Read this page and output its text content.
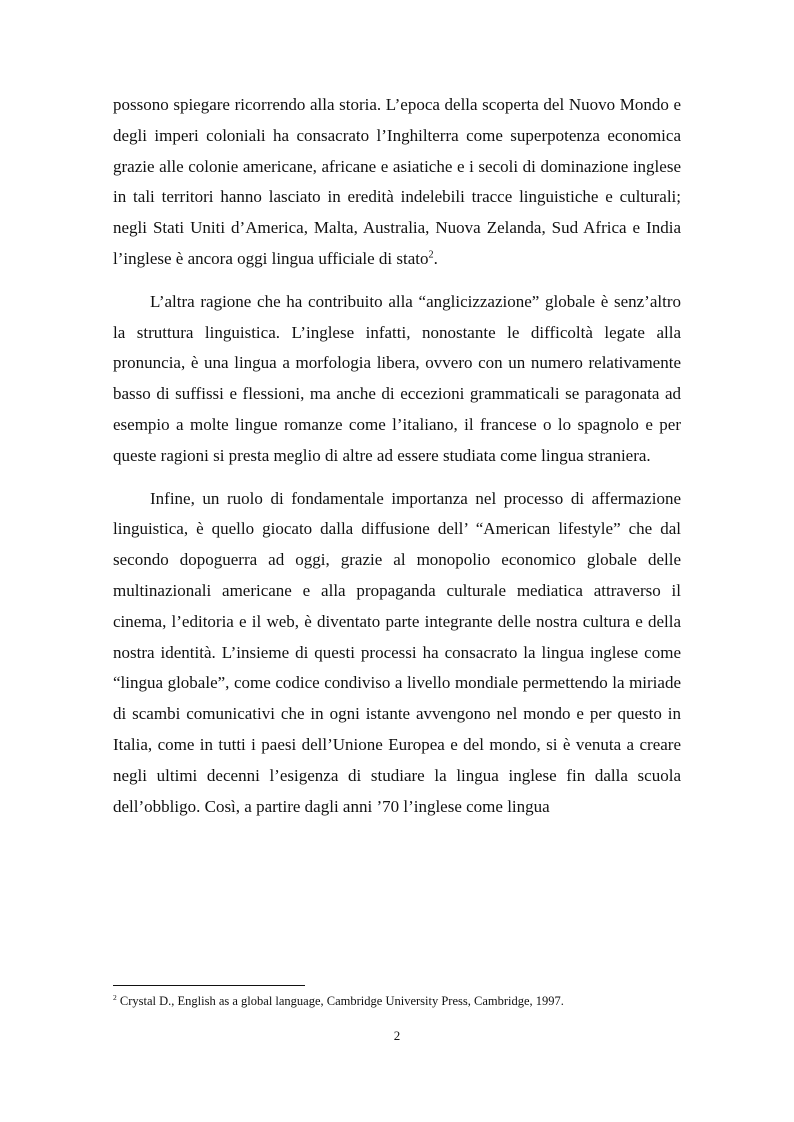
possono spiegare ricorrendo alla storia. L’epoca della scoperta del Nuovo Mondo e degli imperi coloniali ha consacrato l’Inghilterra come superpotenza economica grazie alle colonie americane, africane e asiatiche e i secoli di dominazione inglese in tali territori hanno lasciato in eredità indelebili tracce linguistiche e culturali; negli Stati Uniti d’America, Malta, Australia, Nuova Zelanda, Sud Africa e India l’inglese è ancora oggi lingua ufficiale di stato$^2$.

L’altra ragione che ha contribuito alla “anglicizzazione” globale è senz’altro la struttura linguistica. L’inglese infatti, nonostante le difficoltà legate alla pronuncia, è una lingua a morfologia libera, ovvero con un numero relativamente basso di suffissi e flessioni, ma anche di eccezioni grammaticali se paragonata ad esempio a molte lingue romanze come l’italiano, il francese o lo spagnolo e per queste ragioni si presta meglio di altre ad essere studiata come lingua straniera.

Infine, un ruolo di fondamentale importanza nel processo di affermazione linguistica, è quello giocato dalla diffusione dell’ “American lifestyle” che dal secondo dopoguerra ad oggi, grazie al monopolio economico globale delle multinazionali americane e alla propaganda culturale mediatica attraverso il cinema, l’editoria e il web, è diventato parte integrante delle nostra cultura e della nostra identità. L’insieme di questi processi ha consacrato la lingua inglese come “lingua globale”, come codice condiviso a livello mondiale permettendo la miriade di scambi comunicativi che in ogni istante avvengono nel mondo e per questo in Italia, come in tutti i paesi dell’Unione Europea e del mondo, si è venuta a creare negli ultimi decenni l’esigenza di studiare la lingua inglese fin dalla scuola dell’obbligo. Così, a partire dagli anni ’70 l’inglese come lingua

$^2$ Crystal D., English as a global language, Cambridge University Press, Cambridge, 1997.
2
